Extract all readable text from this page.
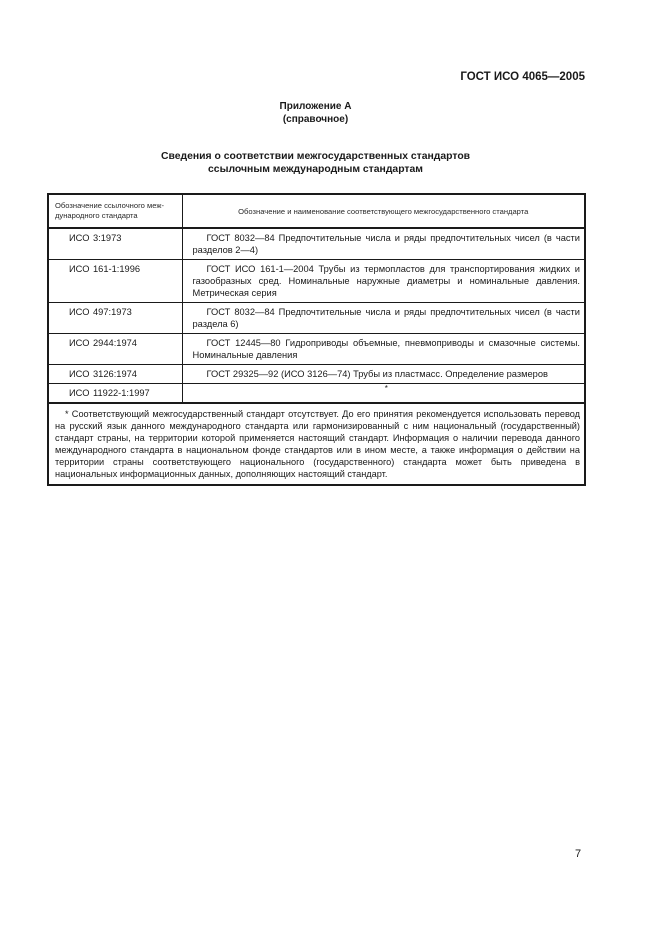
ГОСТ ИСО 4065—2005
Приложение А
(справочное)
Сведения о соответствии межгосударственных стандартов
ссылочным международным стандартам
Обозначение ссылочного меж-дународного стандарта	Обозначение и наименование соответствующего межгосударственного стандарта
ИСО 3:1973	ГОСТ 8032—84 Предпочтительные числа и ряды предпочтительных чисел (в части разделов 2—4)
ИСО 161-1:1996	ГОСТ ИСО 161-1—2004 Трубы из термопластов для транспортирования жидких и газообразных сред. Номинальные наружные диаметры и номинальные давления. Метрическая серия
ИСО 497:1973	ГОСТ 8032—84 Предпочтительные числа и ряды предпочтительных чисел (в части раздела 6)
ИСО 2944:1974	ГОСТ 12445—80 Гидроприводы объемные, пневмоприводы и смазочные системы. Номинальные давления
ИСО 3126:1974	ГОСТ 29325—92 (ИСО 3126—74) Трубы из пластмасс. Определение размеров
ИСО 11922-1:1997	*
* Соответствующий межгосударственный стандарт отсутствует. До его принятия рекомендуется использовать перевод на русский язык данного международного стандарта или гармонизированный с ним национальный (государственный) стандарт страны, на территории которой применяется настоящий стандарт. Информация о наличии перевода данного международного стандарта в национальном фонде стандартов или в ином месте, а также информация о действии на территории страны соответствующего национального (государственного) стандарта может быть приведена в национальных информационных данных, дополняющих настоящий стандарт.	
7
